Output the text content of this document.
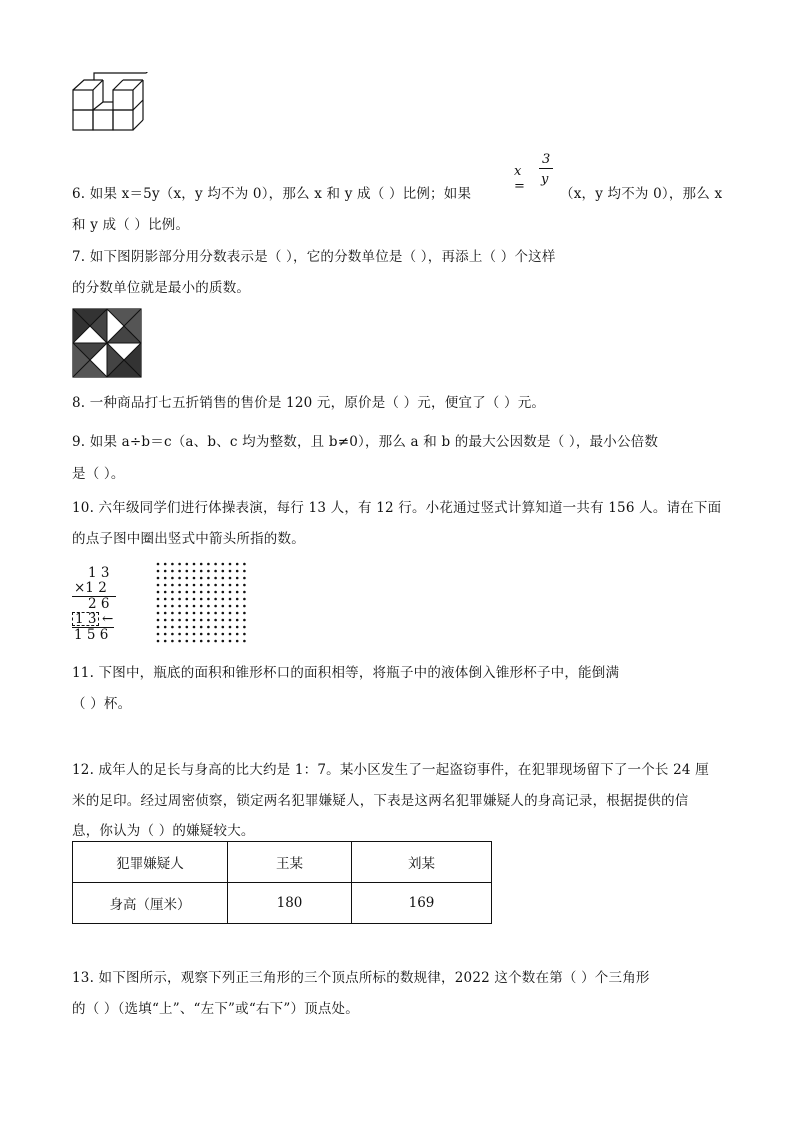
6. 如果 x＝5y（x，y 均不为 0），那么 x 和 y 成（ ）比例；如果
x =
3
y
（x，y 均不为 0），那么 x
和 y 成（ ）比例。
7. 如下图阴影部分用分数表示是（ ），它的分数单位是（ ），再添上（ ）个这样
的分数单位就是最小的质数。
8. 一种商品打七五折销售的售价是 120 元，原价是（ ）元，便宜了（ ）元。
9. 如果 a÷b＝c（a、b、c 均为整数，且 b≠0），那么 a 和 b 的最大公因数是（ ），最小公倍数
是（ ）。
10. 六年级同学们进行体操表演，每行 13 人，有 12 行。小花通过竖式计算知道一共有 156 人。请在下面
的点子图中圈出竖式中箭头所指的数。
1 3
×1 2
2 6
1 3 ←
1 5 6
11. 下图中，瓶底的面积和锥形杯口的面积相等，将瓶子中的液体倒入锥形杯子中，能倒满
（ ）杯。
12. 成年人的足长与身高的比大约是 1：7。某小区发生了一起盗窃事件，在犯罪现场留下了一个长 24 厘
米的足印。经过周密侦察，锁定两名犯罪嫌疑人，下表是这两名犯罪嫌疑人的身高记录，根据提供的信
息，你认为（ ）的嫌疑较大。
犯罪嫌疑人	王某	刘某
身高（厘米）	180	169
13. 如下图所示，观察下列正三角形的三个顶点所标的数规律，2022 这个数在第（ ）个三角形
的（ ）（选填“上”、“左下”或“右下”）顶点处。
